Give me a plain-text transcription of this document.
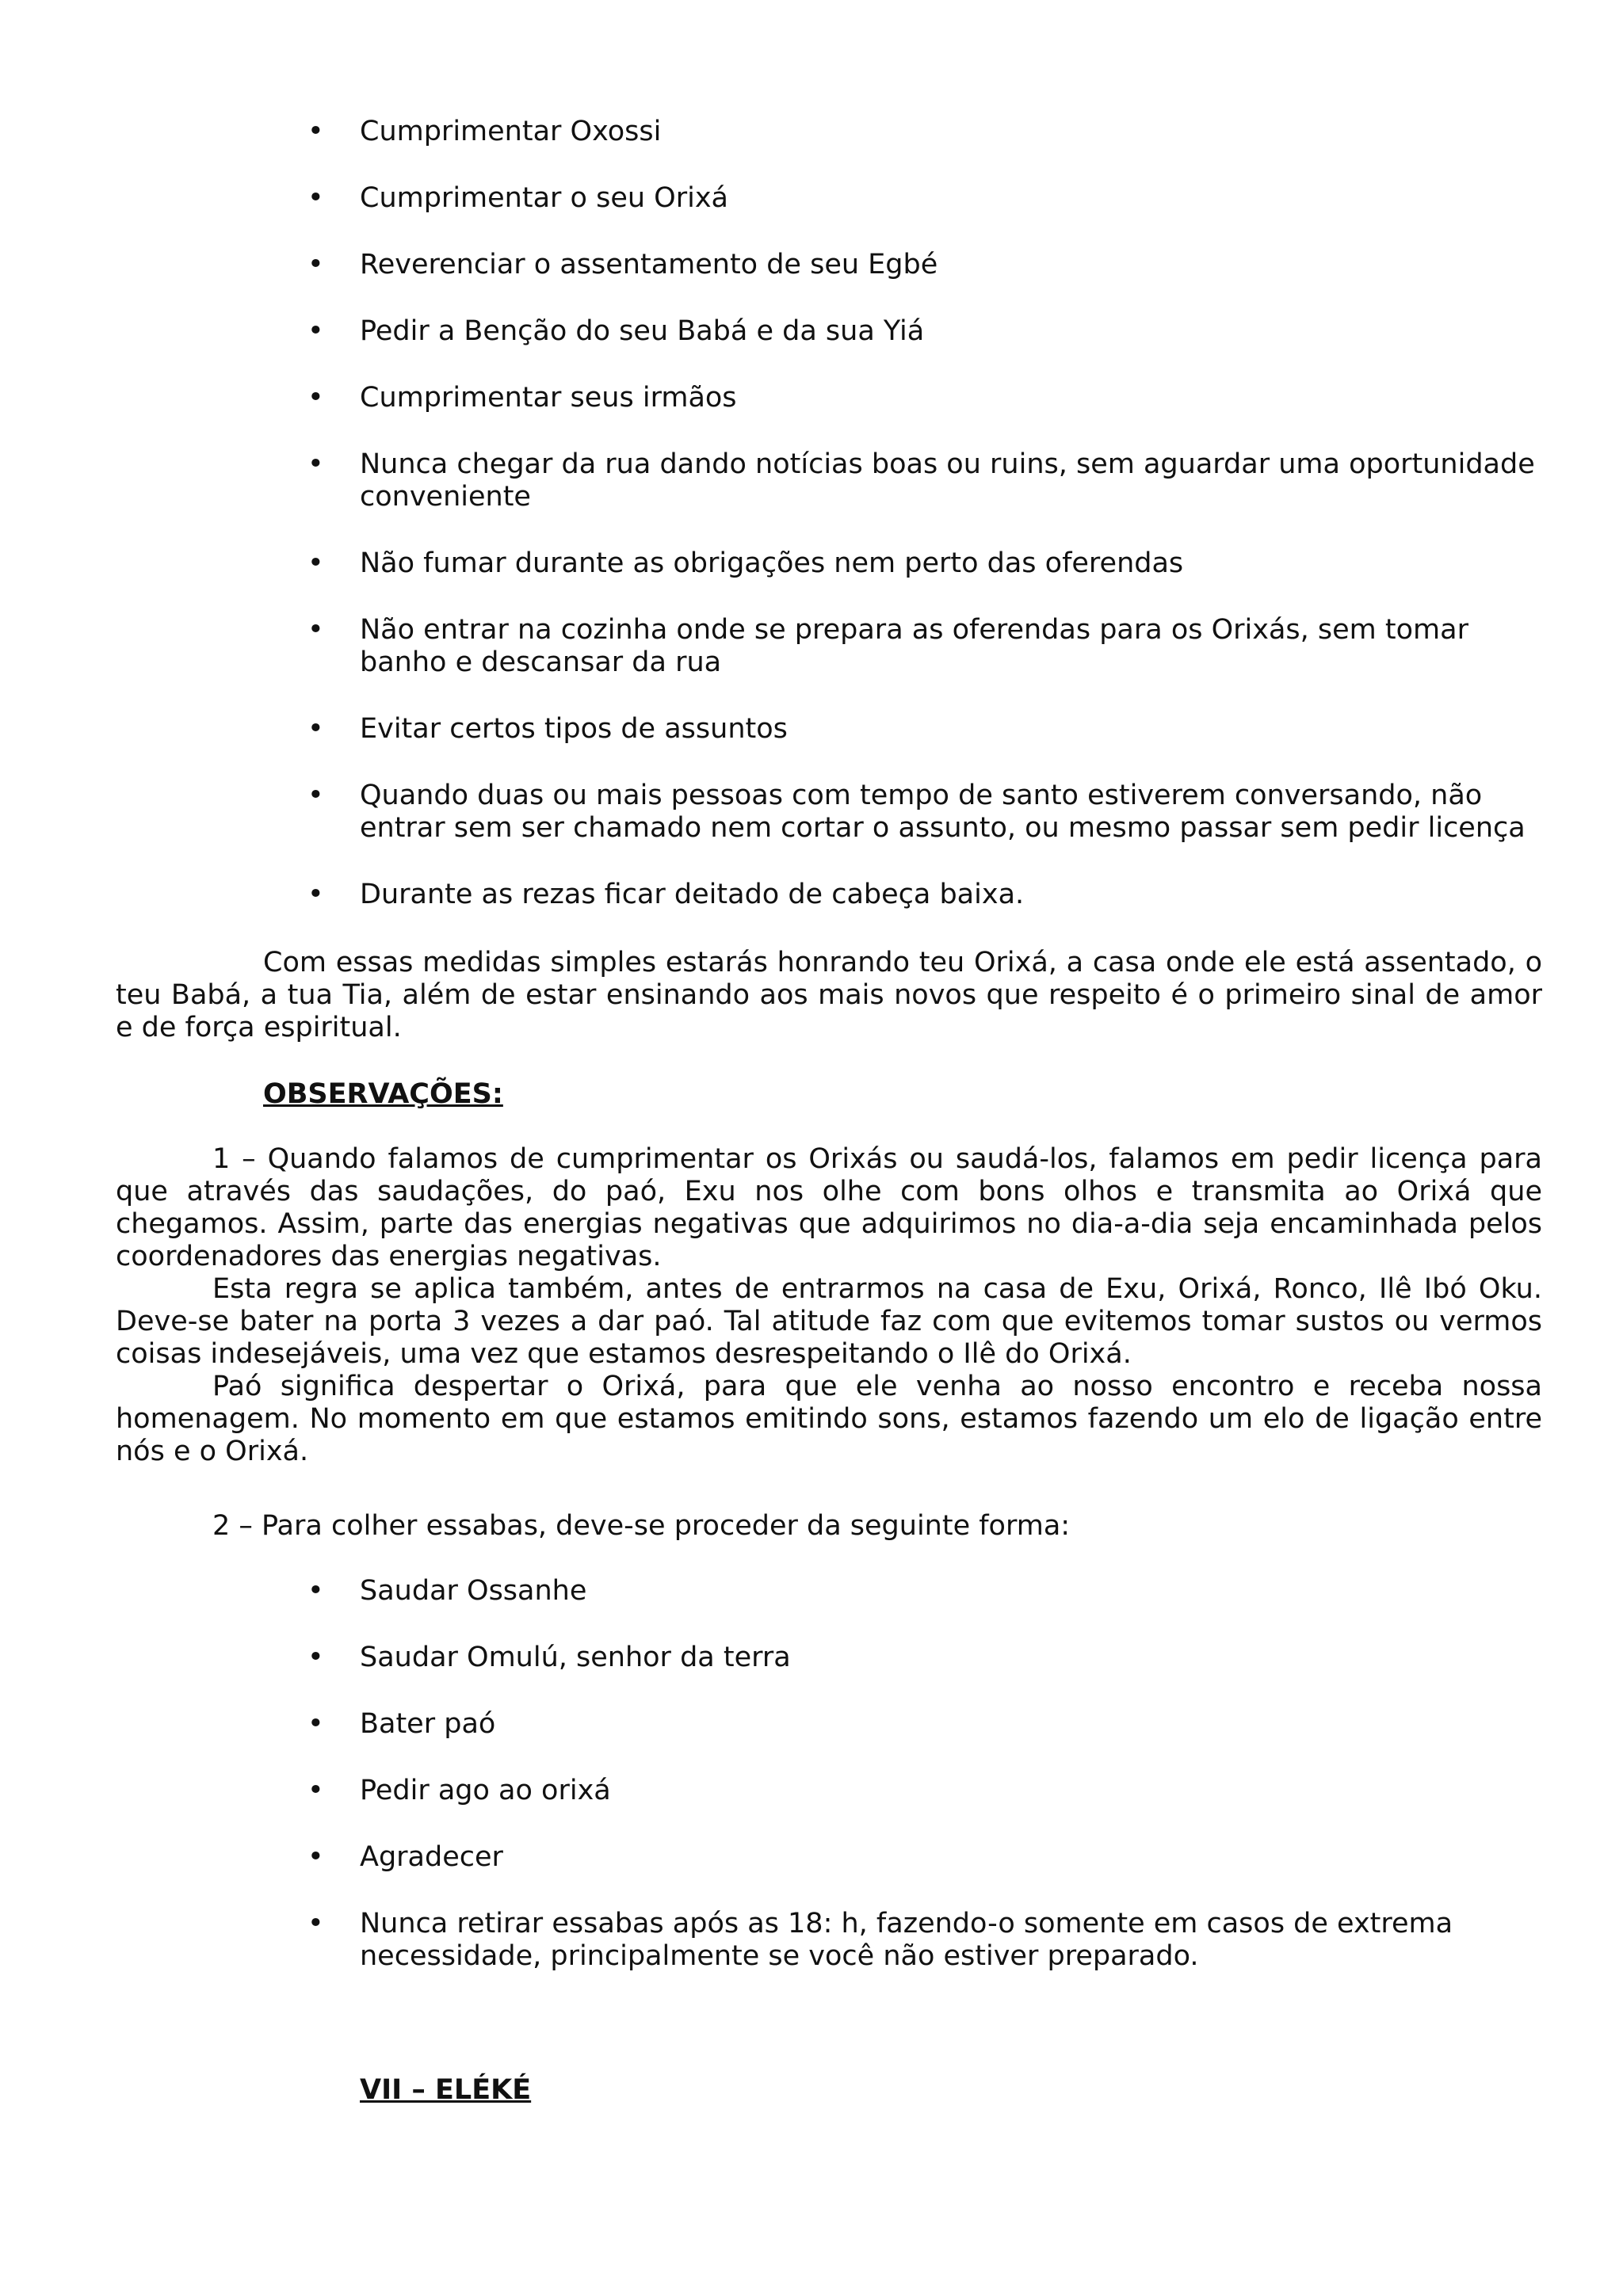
• Cumprimentar Oxossi
• Cumprimentar o seu Orixá
• Reverenciar o assentamento de seu Egbé
• Pedir a Benção do seu Babá e da sua Yiá
• Cumprimentar seus irmãos
• Nunca chegar da rua dando notícias boas ou ruins, sem aguardar uma oportunidade conveniente
• Não fumar durante as obrigações nem perto das oferendas
• Não entrar na cozinha onde se prepara as oferendas para os Orixás, sem tomar banho e descansar da rua
• Evitar certos tipos de assuntos
• Quando duas ou mais pessoas com tempo de santo estiverem conversando, não entrar sem ser chamado nem cortar o assunto, ou mesmo passar sem pedir licença
• Durante as rezas ficar deitado de cabeça baixa.

Com essas medidas simples estarás honrando teu Orixá, a casa onde ele está assentado, o teu Babá, a tua Tia, além de estar ensinando aos mais novos que respeito é o primeiro sinal de amor e de força espiritual.

OBSERVAÇÕES:

1 – Quando falamos de cumprimentar os Orixás ou saudá-los, falamos em pedir licença para que através das saudações, do paó, Exu nos olhe com bons olhos e transmita ao Orixá que chegamos. Assim, parte das energias negativas que adquirimos no dia-a-dia seja encaminhada pelos coordenadores das energias negativas.

Esta regra se aplica também, antes de entrarmos na casa de Exu, Orixá, Ronco, Ilê Ibó Oku. Deve-se bater na porta 3 vezes a dar paó. Tal atitude faz com que evitemos tomar sustos ou vermos coisas indesejáveis, uma vez que estamos desrespeitando o Ilê do Orixá.

Paó significa despertar o Orixá, para que ele venha ao nosso encontro e receba nossa homenagem. No momento em que estamos emitindo sons, estamos fazendo um elo de ligação entre nós e o Orixá.

2 – Para colher essabas, deve-se proceder da seguinte forma:

• Saudar Ossanhe
• Saudar Omulú, senhor da terra
• Bater paó
• Pedir ago ao orixá
• Agradecer
• Nunca retirar essabas após as 18: h, fazendo-o somente em casos de extrema necessidade, principalmente se você não estiver preparado.
VII – ELÉKÉ
